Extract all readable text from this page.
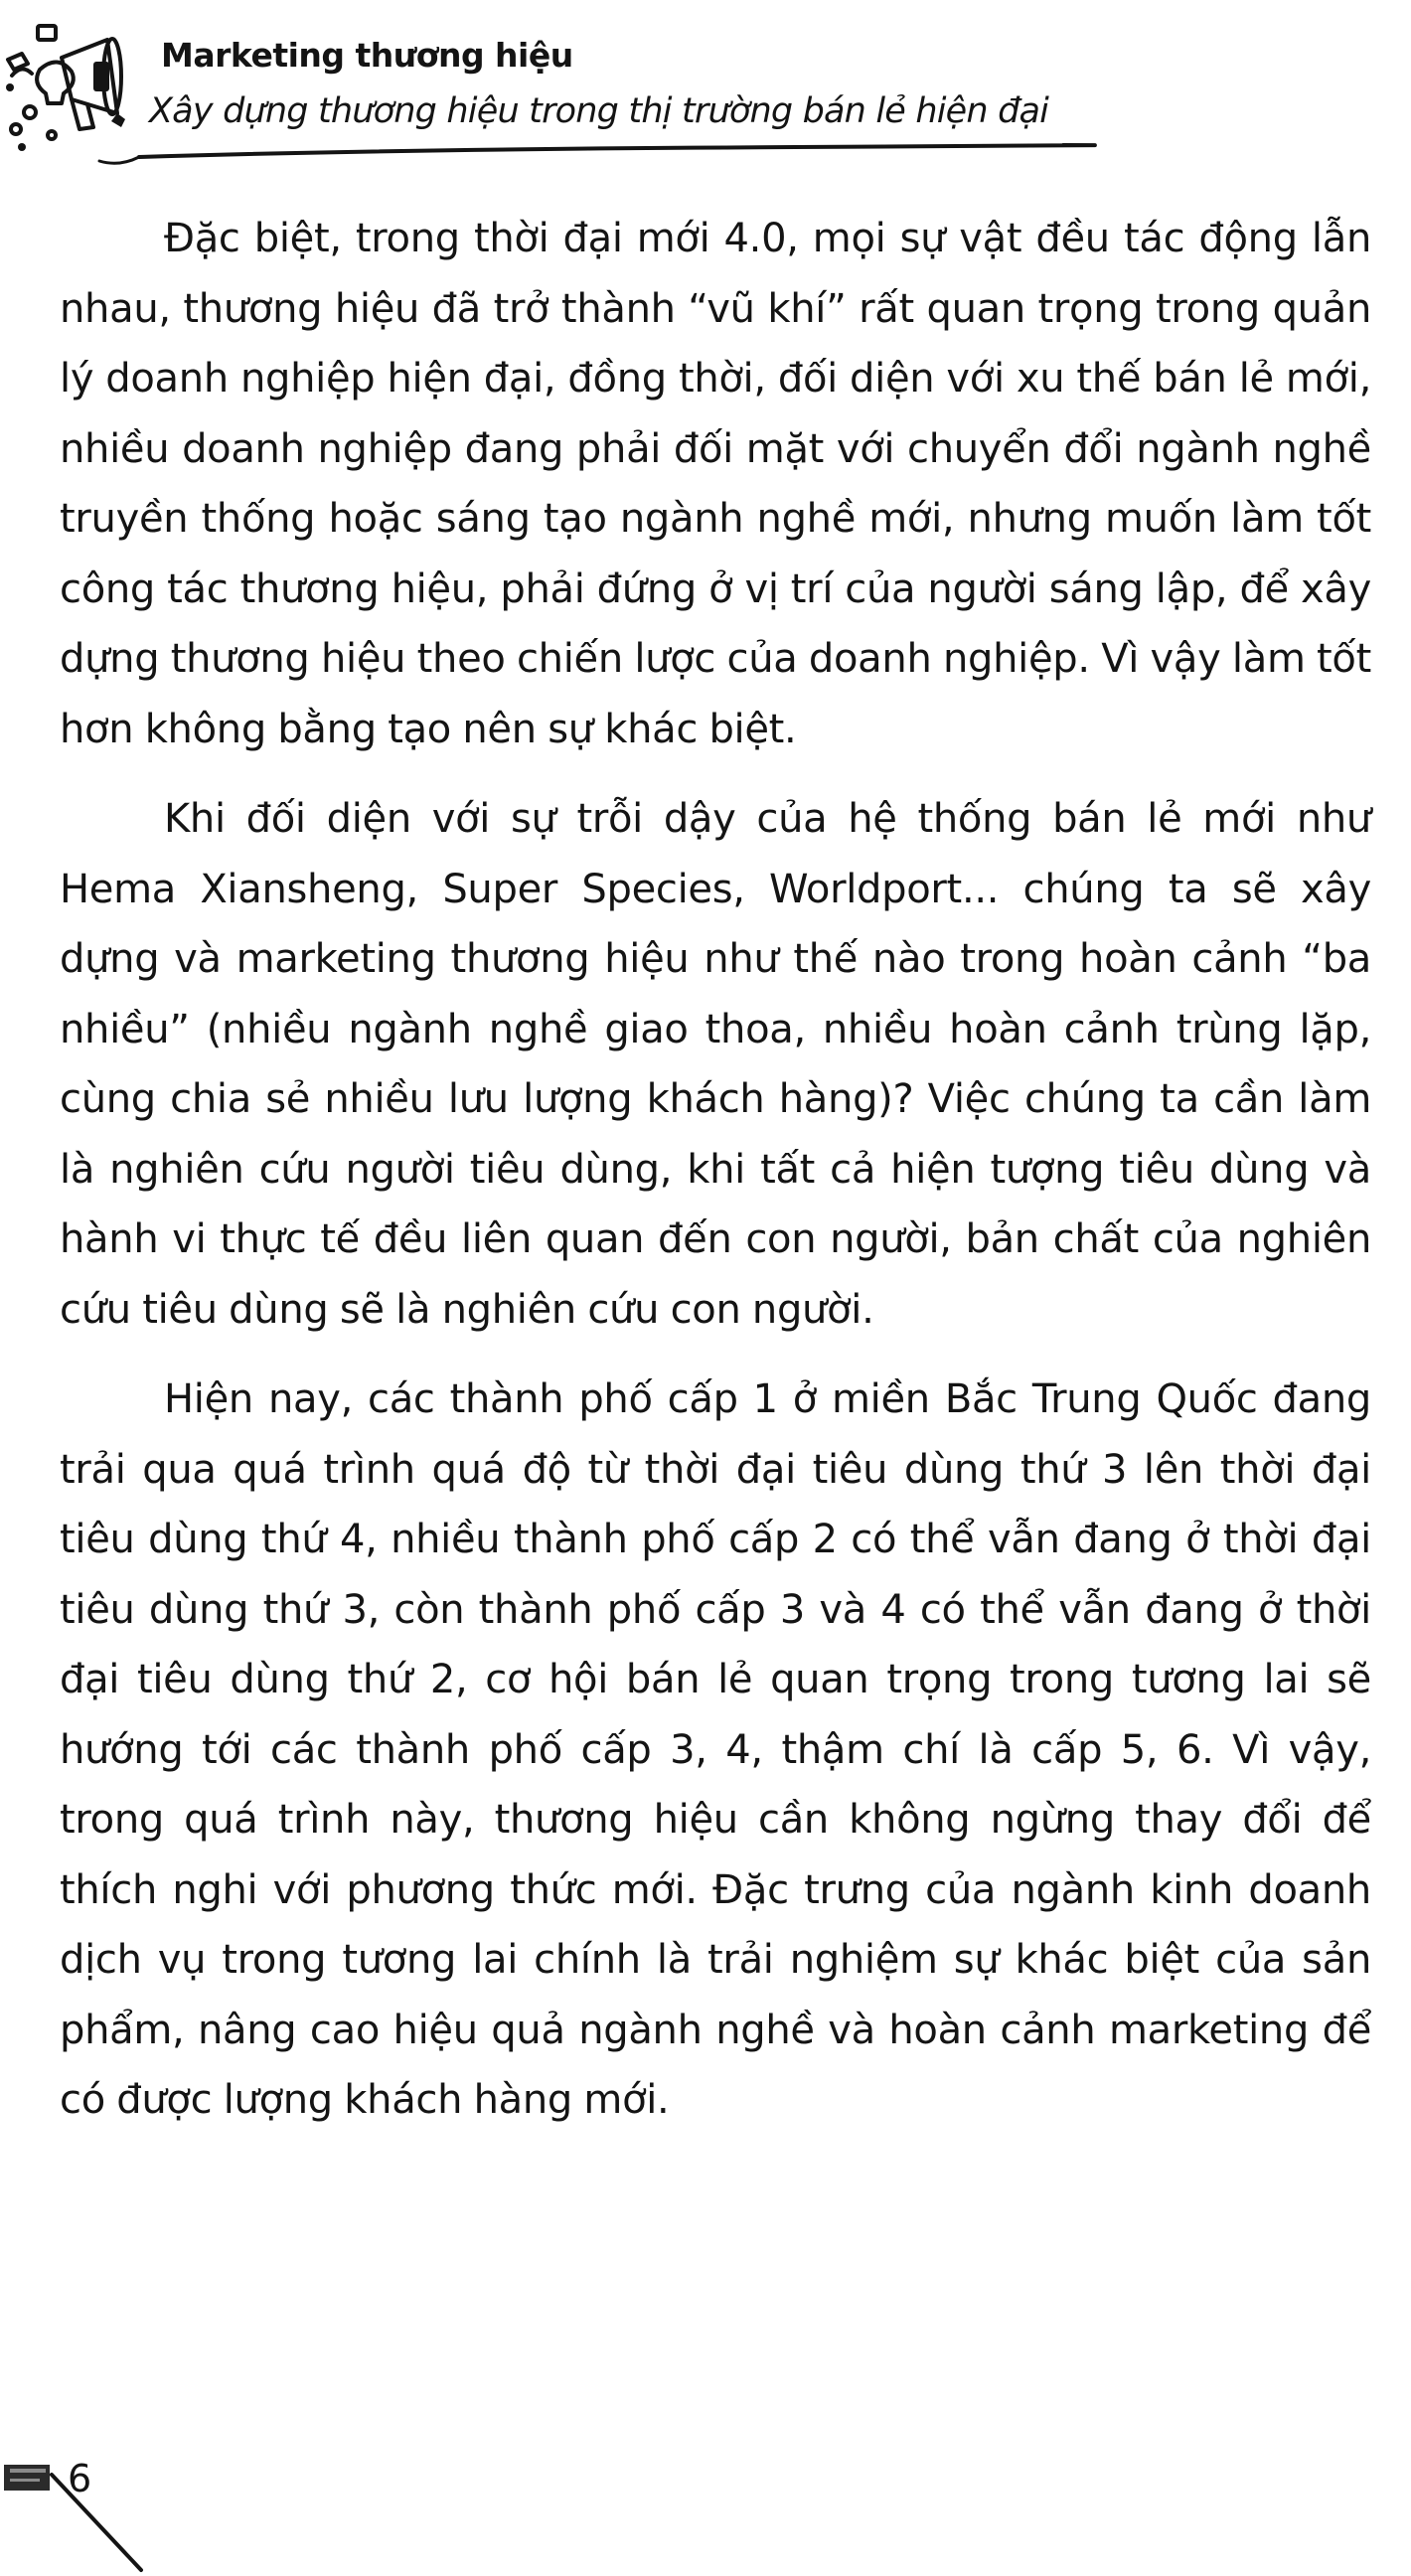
Marketing thương hiệu
Xây dựng thương hiệu trong thị trường bán lẻ hiện đại

Đặc biệt, trong thời đại mới 4.0, mọi sự vật đều tác động lẫn nhau, thương hiệu đã trở thành “vũ khí” rất quan trọng trong quản lý doanh nghiệp hiện đại, đồng thời, đối diện với xu thế bán lẻ mới, nhiều doanh nghiệp đang phải đối mặt với chuyển đổi ngành nghề truyền thống hoặc sáng tạo ngành nghề mới, nhưng muốn làm tốt công tác thương hiệu, phải đứng ở vị trí của người sáng lập, để xây dựng thương hiệu theo chiến lược của doanh nghiệp. Vì vậy làm tốt hơn không bằng tạo nên sự khác biệt.

Khi đối diện với sự trỗi dậy của hệ thống bán lẻ mới như Hema Xiansheng, Super Species, Worldport... chúng ta sẽ xây dựng và marketing thương hiệu như thế nào trong hoàn cảnh “ba nhiều” (nhiều ngành nghề giao thoa, nhiều hoàn cảnh trùng lặp, cùng chia sẻ nhiều lưu lượng khách hàng)? Việc chúng ta cần làm là nghiên cứu người tiêu dùng, khi tất cả hiện tượng tiêu dùng và hành vi thực tế đều liên quan đến con người, bản chất của nghiên cứu tiêu dùng sẽ là nghiên cứu con người.

Hiện nay, các thành phố cấp 1 ở miền Bắc Trung Quốc đang trải qua quá trình quá độ từ thời đại tiêu dùng thứ 3 lên thời đại tiêu dùng thứ 4, nhiều thành phố cấp 2 có thể vẫn đang ở thời đại tiêu dùng thứ 3, còn thành phố cấp 3 và 4 có thể vẫn đang ở thời đại tiêu dùng thứ 2, cơ hội bán lẻ quan trọng trong tương lai sẽ hướng tới các thành phố cấp 3, 4, thậm chí là cấp 5, 6. Vì vậy, trong quá trình này, thương hiệu cần không ngừng thay đổi để thích nghi với phương thức mới. Đặc trưng của ngành kinh doanh dịch vụ trong tương lai chính là trải nghiệm sự khác biệt của sản phẩm, nâng cao hiệu quả ngành nghề và hoàn cảnh marketing để có được lượng khách hàng mới.

6
